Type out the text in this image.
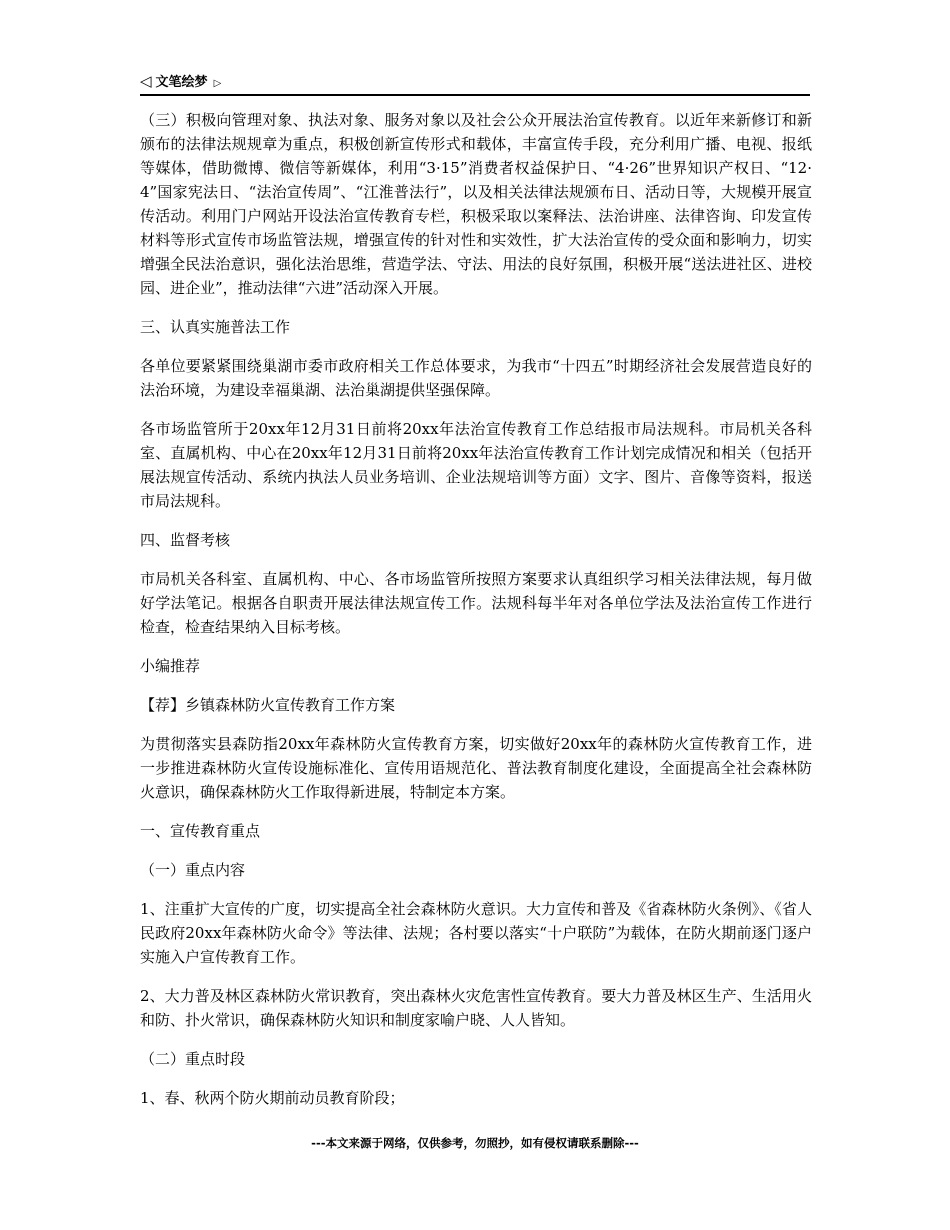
◁ 文笔绘梦 ▷

（三）积极向管理对象、执法对象、服务对象以及社会公众开展法治宣传教育。以近年来新修订和新颁布的法律法规规章为重点，积极创新宣传形式和载体，丰富宣传手段，充分利用广播、电视、报纸等媒体，借助微博、微信等新媒体，利用“3·15”消费者权益保护日、“4·26”世界知识产权日、“12·4”国家宪法日、“法治宣传周”、“江淮普法行”，以及相关法律法规颁布日、活动日等，大规模开展宣传活动。利用门户网站开设法治宣传教育专栏，积极采取以案释法、法治讲座、法律咨询、印发宣传材料等形式宣传市场监管法规，增强宣传的针对性和实效性，扩大法治宣传的受众面和影响力，切实增强全民法治意识，强化法治思维，营造学法、守法、用法的良好氛围，积极开展“送法进社区、进校园、进企业”，推动法律“六进”活动深入开展。

三、认真实施普法工作

各单位要紧紧围绕巢湖市委市政府相关工作总体要求，为我市“十四五”时期经济社会发展营造良好的法治环境，为建设幸福巢湖、法治巢湖提供坚强保障。

各市场监管所于20xx年12月31日前将20xx年法治宣传教育工作总结报市局法规科。市局机关各科室、直属机构、中心在20xx年12月31日前将20xx年法治宣传教育工作计划完成情况和相关（包括开展法规宣传活动、系统内执法人员业务培训、企业法规培训等方面）文字、图片、音像等资料，报送市局法规科。

四、监督考核

市局机关各科室、直属机构、中心、各市场监管所按照方案要求认真组织学习相关法律法规，每月做好学法笔记。根据各自职责开展法律法规宣传工作。法规科每半年对各单位学法及法治宣传工作进行检查，检查结果纳入目标考核。

小编推荐

【荐】乡镇森林防火宣传教育工作方案

为贯彻落实县森防指20xx年森林防火宣传教育方案，切实做好20xx年的森林防火宣传教育工作，进一步推进森林防火宣传设施标准化、宣传用语规范化、普法教育制度化建设，全面提高全社会森林防火意识，确保森林防火工作取得新进展，特制定本方案。

一、宣传教育重点

（一）重点内容

1、注重扩大宣传的广度，切实提高全社会森林防火意识。大力宣传和普及《省森林防火条例》、《省人民政府20xx年森林防火命令》等法律、法规；各村要以落实“十户联防”为载体，在防火期前逐门逐户实施入户宣传教育工作。

2、大力普及林区森林防火常识教育，突出森林火灾危害性宣传教育。要大力普及林区生产、生活用火和防、扑火常识，确保森林防火知识和制度家喻户晓、人人皆知。

（二）重点时段

1、春、秋两个防火期前动员教育阶段；

---本文来源于网络，仅供参考，勿照抄，如有侵权请联系删除---
